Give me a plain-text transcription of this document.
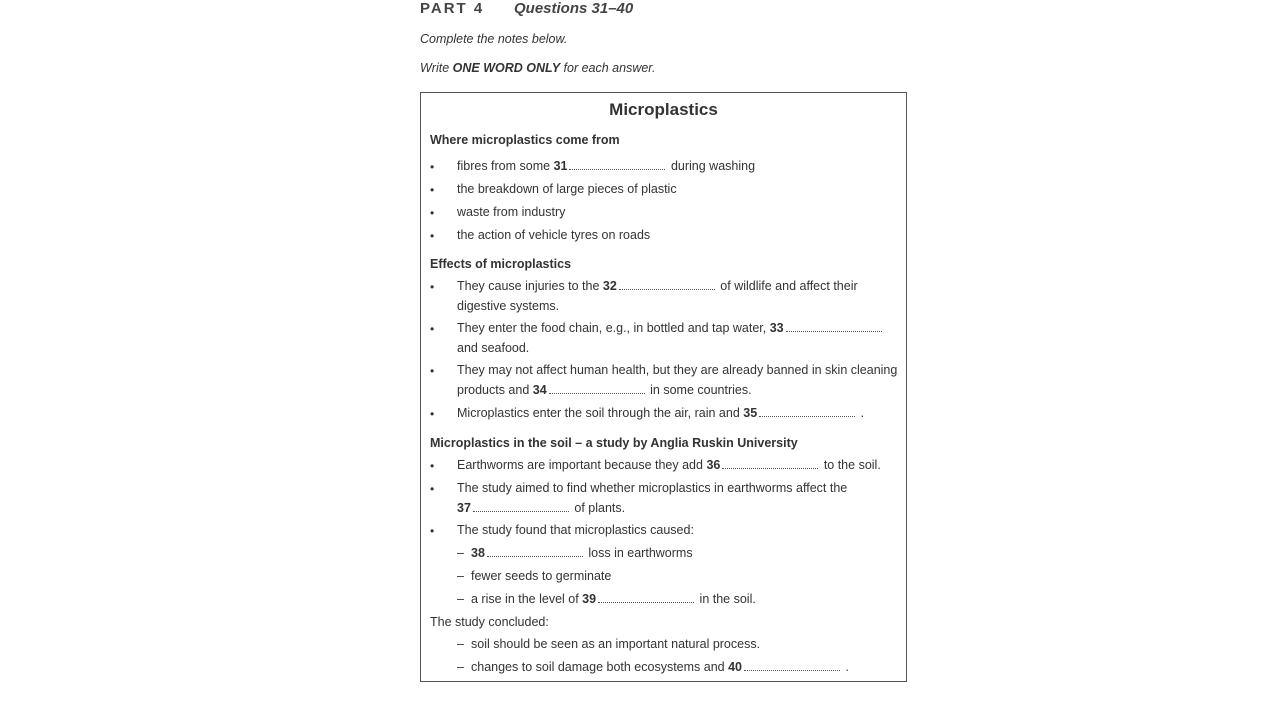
PART 4 Questions 31–40
Complete the notes below.
Write ONE WORD ONLY for each answer.
Microplastics
Where microplastics come from
• fibres from some 31	during washing
• the breakdown of large pieces of plastic
• waste from industry
• the action of vehicle tyres on roads
Effects of microplastics
• They cause injuries to the 32	of wildlife and affect their
digestive systems.
• They enter the food chain, e.g., in bottled and tap water, 33
and seafood.
• They may not affect human health, but they are already banned in skin cleaning
products and 34	in some countries.
• Microplastics enter the soil through the air, rain and 35	.
Microplastics in the soil – a study by Anglia Ruskin University
• Earthworms are important because they add 36	to the soil.
• The study aimed to find whether microplastics in earthworms affect the
37	of plants.
• The study found that microplastics caused:
– 38	loss in earthworms
– fewer seeds to germinate
– a rise in the level of 39	in the soil.
The study concluded:
– soil should be seen as an important natural process.
– changes to soil damage both ecosystems and 40	.
